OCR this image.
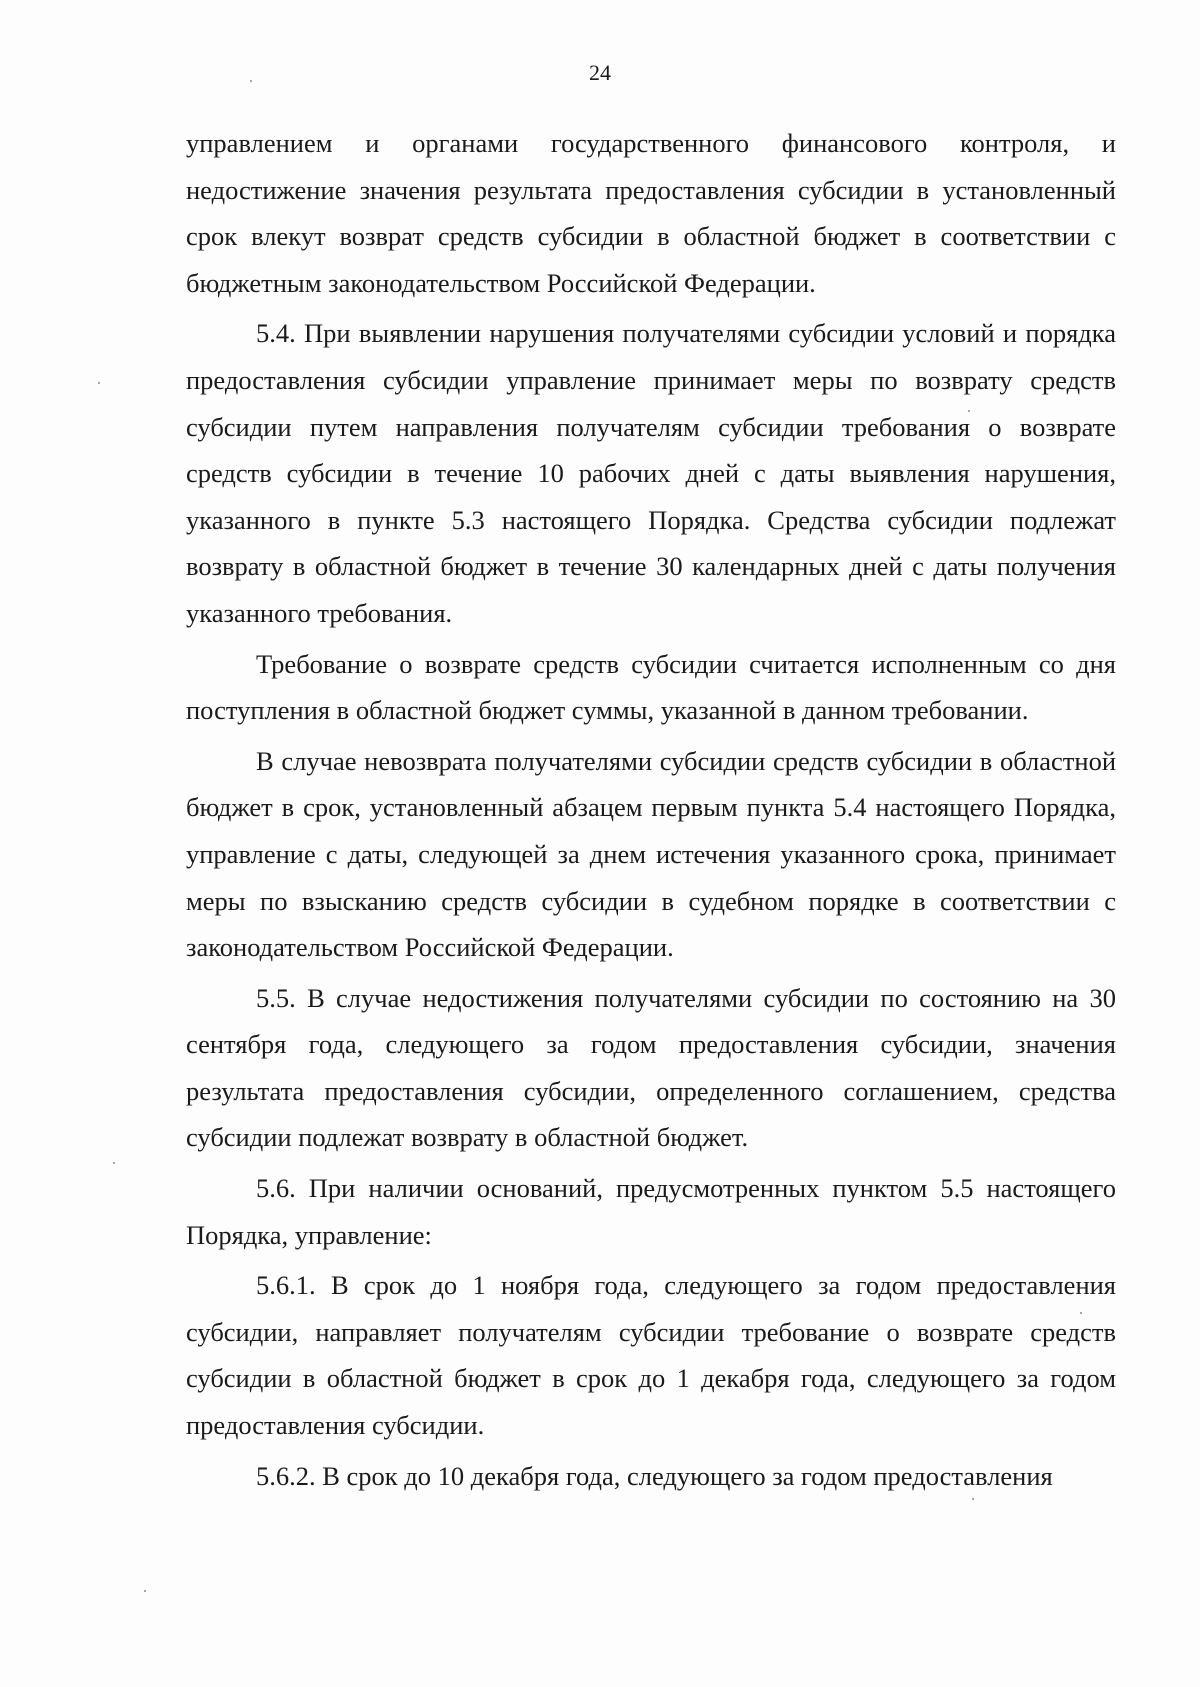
24

управлением и органами государственного финансового контроля, и недостижение значения результата предоставления субсидии в установленный срок влекут возврат средств субсидии в областной бюджет в соответствии с бюджетным законодательством Российской Федерации.

5.4. При выявлении нарушения получателями субсидии условий и порядка предоставления субсидии управление принимает меры по возврату средств субсидии путем направления получателям субсидии требования о возврате средств субсидии в течение 10 рабочих дней с даты выявления нарушения, указанного в пункте 5.3 настоящего Порядка. Средства субсидии подлежат возврату в областной бюджет в течение 30 календарных дней с даты получения указанного требования.

Требование о возврате средств субсидии считается исполненным со дня поступления в областной бюджет суммы, указанной в данном требовании.

В случае невозврата получателями субсидии средств субсидии в областной бюджет в срок, установленный абзацем первым пункта 5.4 настоящего Порядка, управление с даты, следующей за днем истечения указанного срока, принимает меры по взысканию средств субсидии в судебном порядке в соответствии с законодательством Российской Федерации.

5.5. В случае недостижения получателями субсидии по состоянию на 30 сентября года, следующего за годом предоставления субсидии, значения результата предоставления субсидии, определенного соглашением, средства субсидии подлежат возврату в областной бюджет.

5.6. При наличии оснований, предусмотренных пунктом 5.5 настоящего Порядка, управление:

5.6.1. В срок до 1 ноября года, следующего за годом предоставления субсидии, направляет получателям субсидии требование о возврате средств субсидии в областной бюджет в срок до 1 декабря года, следующего за годом предоставления субсидии.

5.6.2. В срок до 10 декабря года, следующего за годом предоставления
